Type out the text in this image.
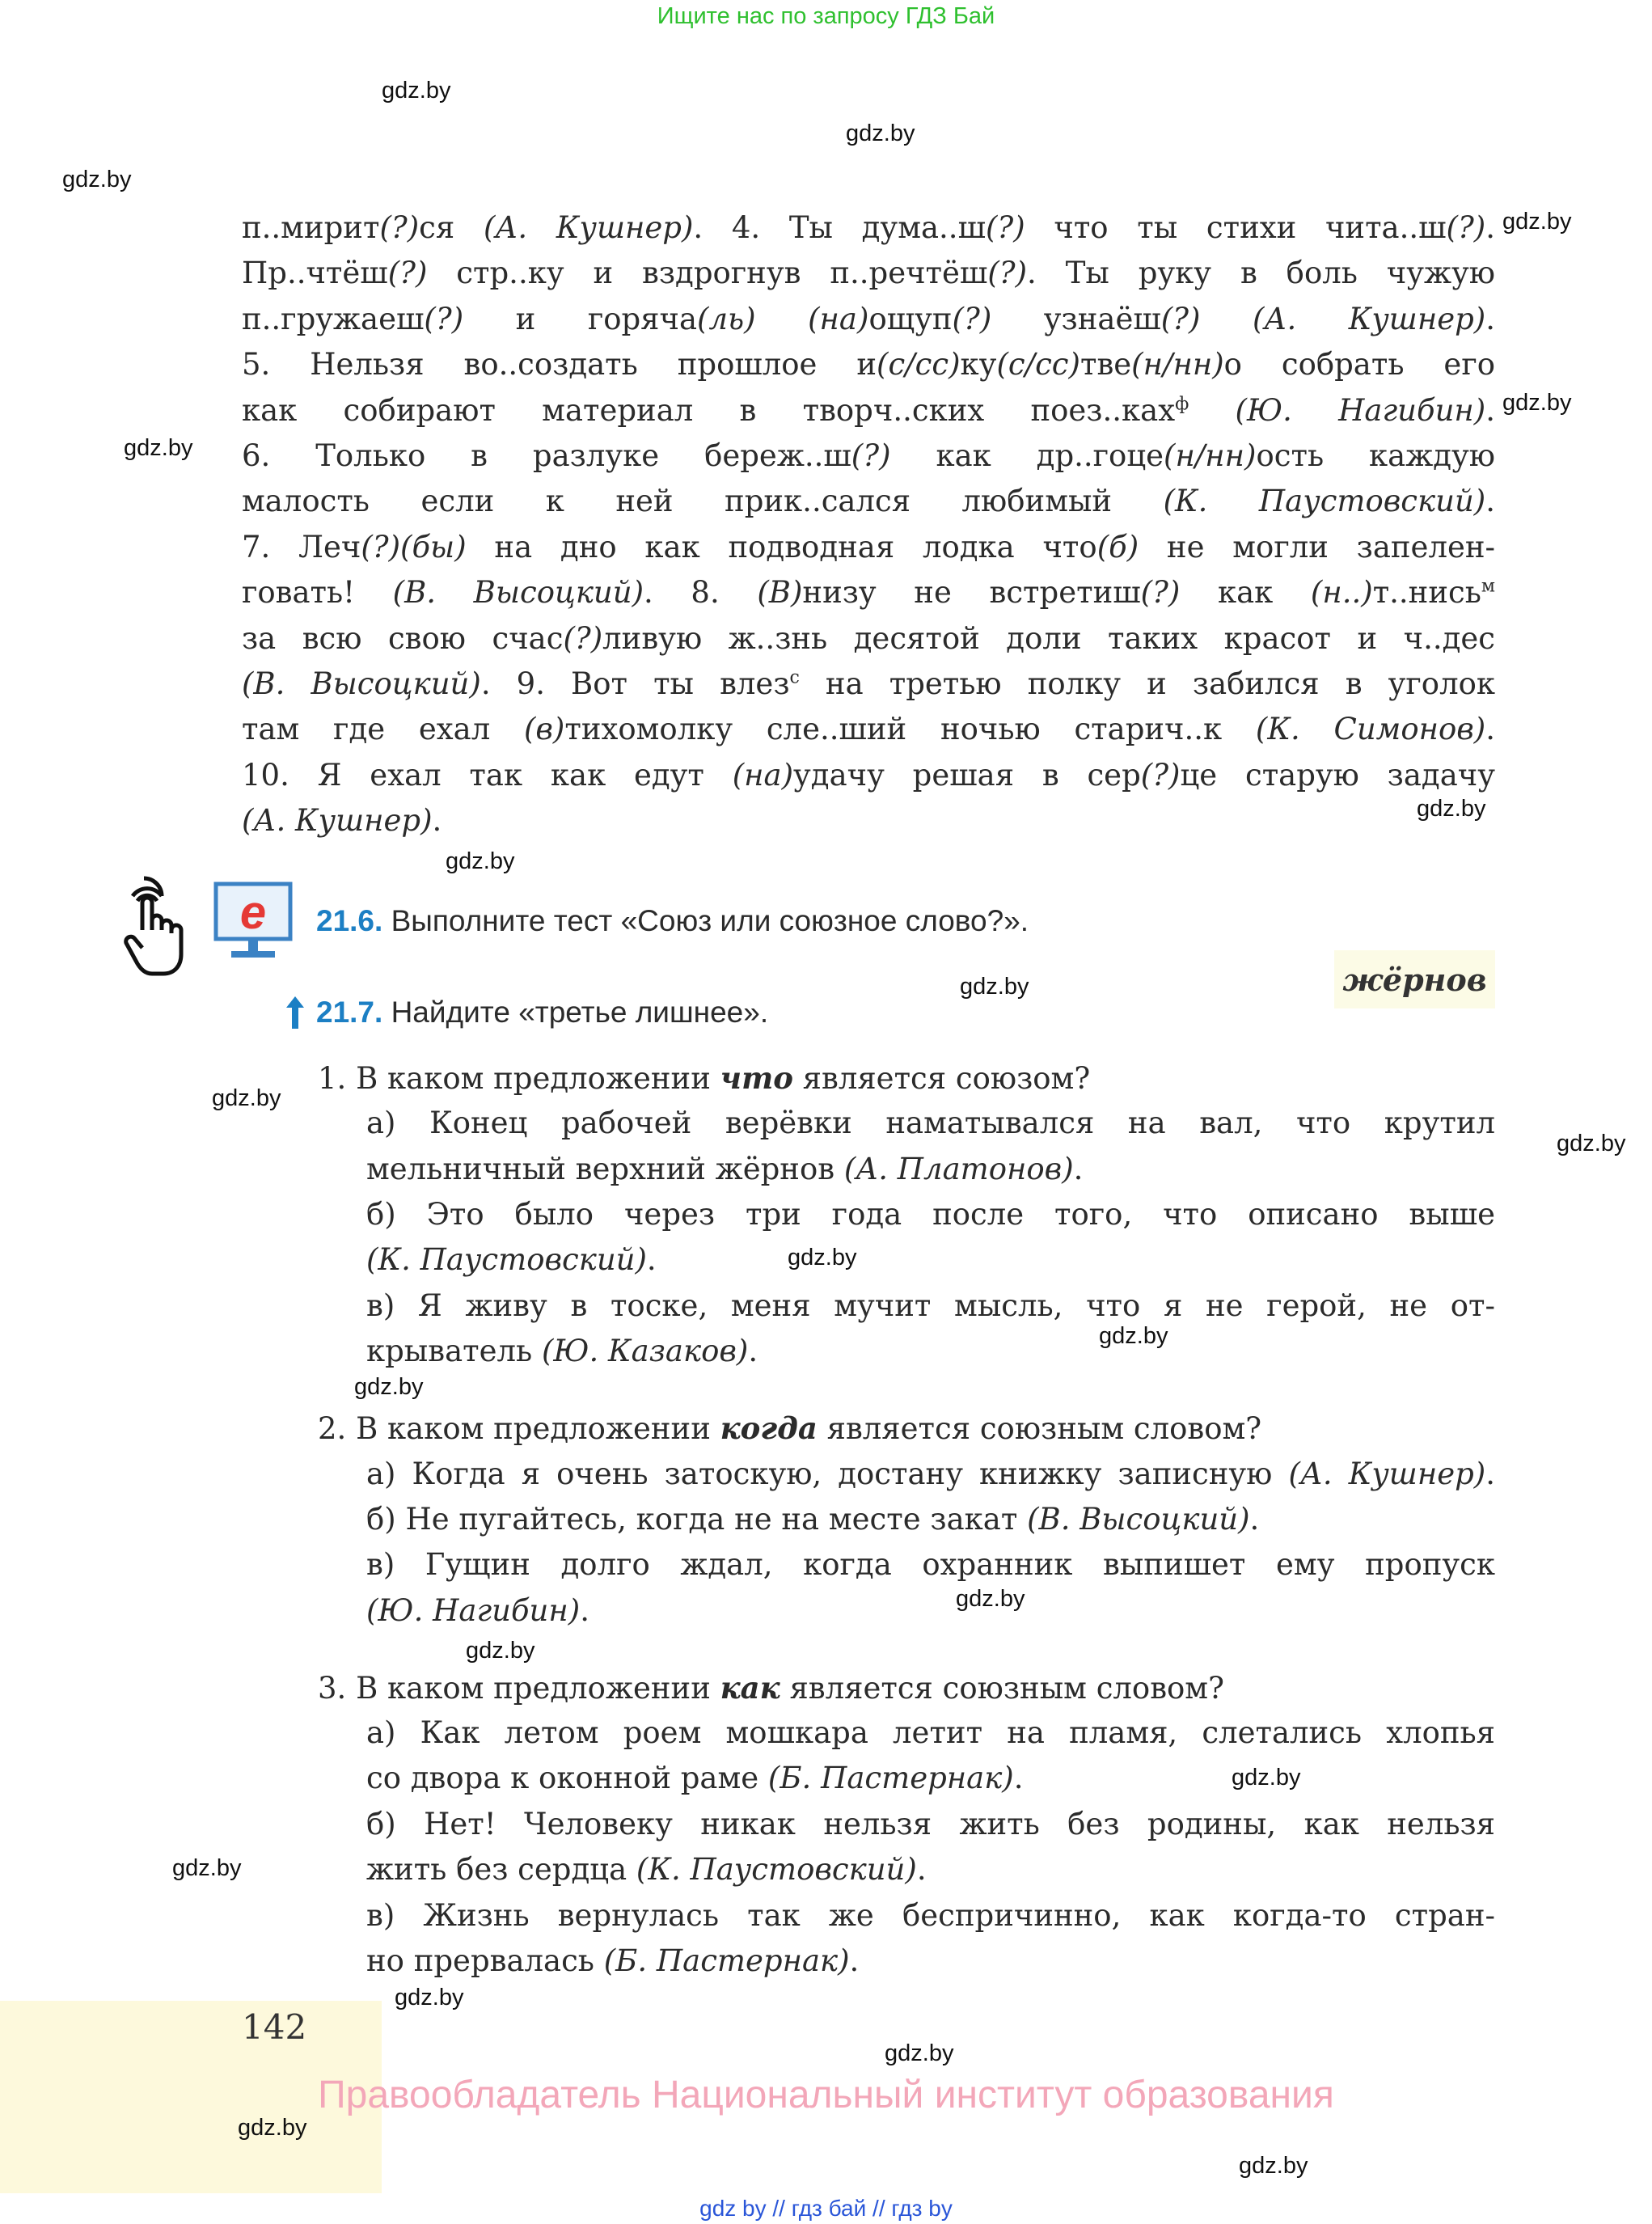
Ищите нас по запросу ГДЗ Бай
gdz.by
gdz.by
gdz.by
gdz.by
gdz.by
gdz.by
gdz.by
gdz.by
gdz.by
gdz.by
gdz.by
gdz.by
gdz.by
gdz.by
gdz.by
gdz.by
gdz.by
gdz.by
gdz.by
gdz.by
gdz.by
gdz.by
п..мирит(?)ся (А. Кушнер). 4. Ты дума..ш(?) что ты стихи чита..ш(?).
Пр..чтёш(?) стр..ку и вздрогнув п..речтёш(?). Ты руку в боль чужую
п..гружаеш(?) и горяча(ль) (на)ощуп(?) узнаёш(?) (А. Кушнер).
5. Нельзя во..создать прошлое и(с/сс)ку(с/сс)тве(н/нн)о собрать его
как собирают материал в творч..ских поез..ках$^ф$ (Ю. Нагибин).
6. Только в разлуке береж..ш(?) как др..гоце(н/нн)ость каждую
малость если к ней прик..сался любимый (К. Паустовский).
7. Леч(?)(бы) на дно как подводная лодка что(б) не могли запелен-
говать! (В. Высоцкий). 8. (В)низу не встретиш(?) как (н..)т..нись$^м$
за всю свою счас(?)ливую ж..знь десятой доли таких красот и ч..дес
(В. Высоцкий). 9. Вот ты влез$^с$ на третью полку и забился в уголок
там где ехал (в)тихомолку сле..ший ночью старич..к (К. Симонов).
10. Я ехал так как едут (на)удачу решая в сер(?)це старую задачу
(А. Кушнер).
e 21.6. Выполните тест «Союз или союзное слово?».
жёрнов
21.7. Найдите «третье лишнее».
1. В каком предложении что является союзом?
а) Конец рабочей верёвки наматывался на вал, что крутил
мельничный верхний жёрнов (А. Платонов).
б) Это было через три года после того, что описано выше
(К. Паустовский).
в) Я живу в тоске, меня мучит мысль, что я не герой, не от-
крыватель (Ю. Казаков).
2. В каком предложении когда является союзным словом?
а) Когда я очень затоскую, достану книжку записную (А. Кушнер).
б) Не пугайтесь, когда не на месте закат (В. Высоцкий).
в) Гущин долго ждал, когда охранник выпишет ему пропуск
(Ю. Нагибин).
3. В каком предложении как является союзным словом?
а) Как летом роем мошкара летит на пламя, слетались хлопья
со двора к оконной раме (Б. Пастернак).
б) Нет! Человеку никак нельзя жить без родины, как нельзя
жить без сердца (К. Паустовский).
в) Жизнь вернулась так же беспричинно, как когда-то стран-
но прервалась (Б. Пастернак).
142
Правообладатель Национальный институт образования
gdz by // гдз бай // гдз by
